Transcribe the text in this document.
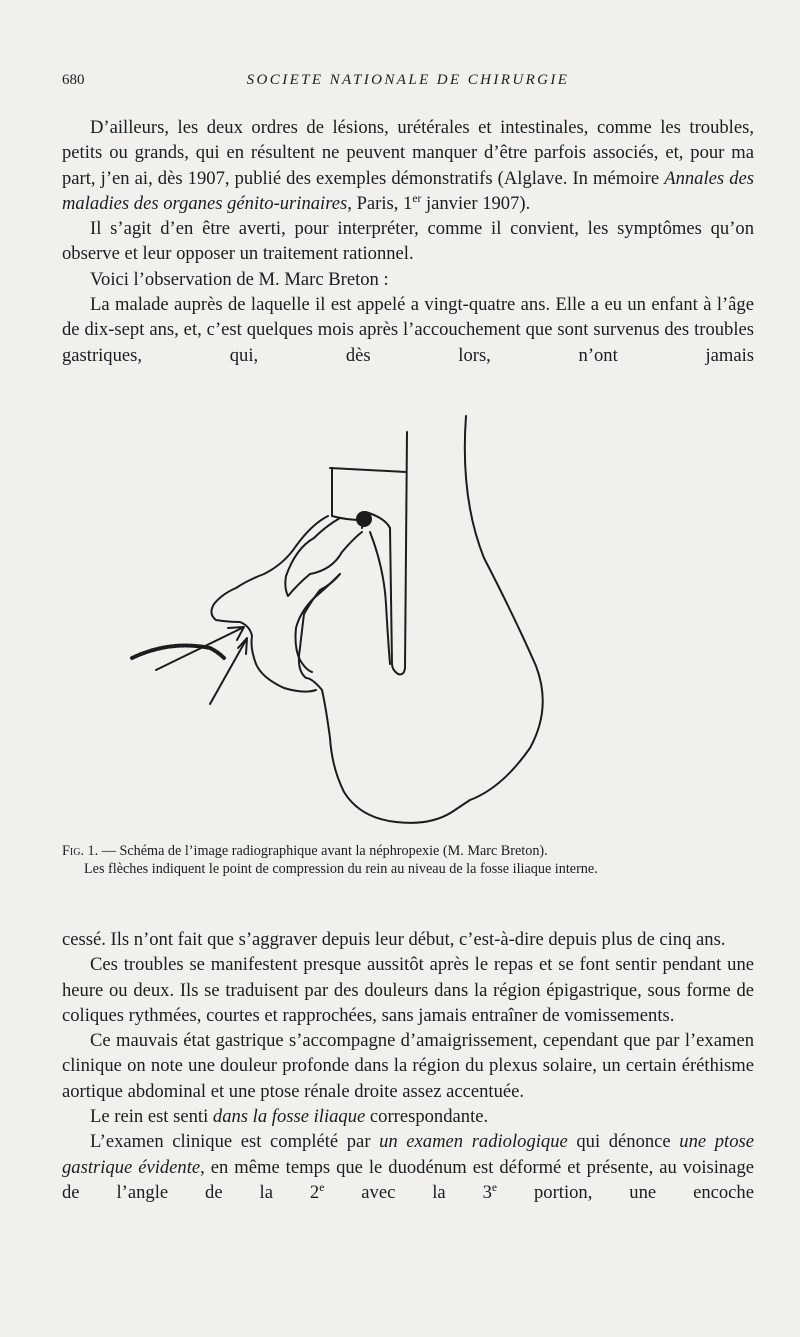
680	SOCIETE NATIONALE DE CHIRURGIE

D’ailleurs, les deux ordres de lésions, urétérales et intestinales, comme les troubles, petits ou grands, qui en résultent ne peuvent manquer d’être parfois associés, et, pour ma part, j’en ai, dès 1907, publié des exemples démonstratifs (Alglave. In mémoire Annales des maladies des organes génito-urinaires, Paris, 1er janvier 1907).

Il s’agit d’en être averti, pour interpréter, comme il convient, les symptômes qu’on observe et leur opposer un traitement rationnel.

Voici l’observation de M. Marc Breton :

La malade auprès de laquelle il est appelé a vingt-quatre ans. Elle a eu un enfant à l’âge de dix-sept ans, et, c’est quelques mois après l’accouchement que sont survenus des troubles gastriques, qui, dès lors, n’ont jamais

Fig. 1. — Schéma de l’image radiographique avant la néphropexie (M. Marc Breton).

Les flèches indiquent le point de compression du rein au niveau de la fosse iliaque interne.

cessé. Ils n’ont fait que s’aggraver depuis leur début, c’est-à-dire depuis plus de cinq ans.

Ces troubles se manifestent presque aussitôt après le repas et se font sentir pendant une heure ou deux. Ils se traduisent par des douleurs dans la région épigastrique, sous forme de coliques rythmées, courtes et rapprochées, sans jamais entraîner de vomissements.

Ce mauvais état gastrique s’accompagne d’amaigrissement, cependant que par l’examen clinique on note une douleur profonde dans la région du plexus solaire, un certain éréthisme aortique abdominal et une ptose rénale droite assez accentuée.

Le rein est senti dans la fosse iliaque correspondante.

L’examen clinique est complété par un examen radiologique qui dénonce une ptose gastrique évidente, en même temps que le duodénum est déformé et présente, au voisinage de l’angle de la 2e avec la 3e portion, une encoche
